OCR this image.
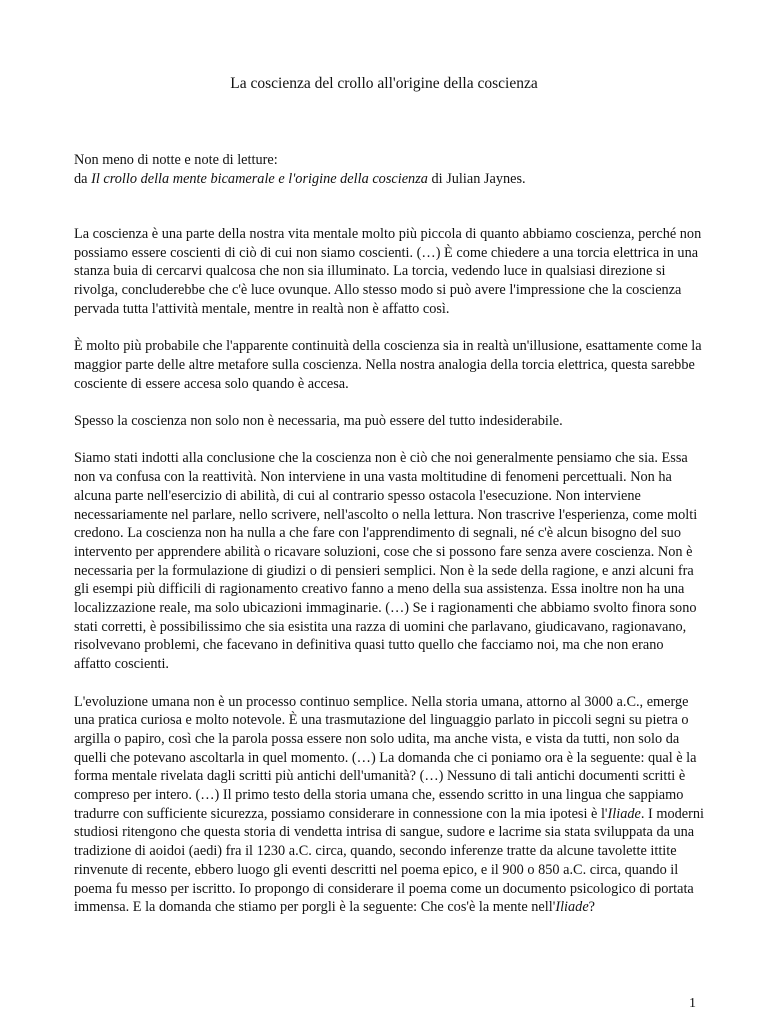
La coscienza del crollo all'origine della coscienza
Non meno di notte e note di letture:
da Il crollo della mente bicamerale e l'origine della coscienza di Julian Jaynes.

La coscienza è una parte della nostra vita mentale molto più piccola di quanto abbiamo coscienza, perché non possiamo essere coscienti di ciò di cui non siamo coscienti. (…) È come chiedere a una torcia elettrica in una stanza buia di cercarvi qualcosa che non sia illuminato. La torcia, vedendo luce in qualsiasi direzione si rivolga, concluderebbe che c'è luce ovunque. Allo stesso modo si può avere l'impressione che la coscienza pervada tutta l'attività mentale, mentre in realtà non è affatto così.

È molto più probabile che l'apparente continuità della coscienza sia in realtà un'illusione, esattamente come la maggior parte delle altre metafore sulla coscienza. Nella nostra analogia della torcia elettrica, questa sarebbe cosciente di essere accesa solo quando è accesa.

Spesso la coscienza non solo non è necessaria, ma può essere del tutto indesiderabile.

Siamo stati indotti alla conclusione che la coscienza non è ciò che noi generalmente pensiamo che sia. Essa non va confusa con la reattività. Non interviene in una vasta moltitudine di fenomeni percettuali. Non ha alcuna parte nell'esercizio di abilità, di cui al contrario spesso ostacola l'esecuzione. Non interviene necessariamente nel parlare, nello scrivere, nell'ascolto o nella lettura. Non trascrive l'esperienza, come molti credono. La coscienza non ha nulla a che fare con l'apprendimento di segnali, né c'è alcun bisogno del suo intervento per apprendere abilità o ricavare soluzioni, cose che si possono fare senza avere coscienza. Non è necessaria per la formulazione di giudizi o di pensieri semplici. Non è la sede della ragione, e anzi alcuni fra gli esempi più difficili di ragionamento creativo fanno a meno della sua assistenza. Essa inoltre non ha una localizzazione reale, ma solo ubicazioni immaginarie. (…) Se i ragionamenti che abbiamo svolto finora sono stati corretti, è possibilissimo che sia esistita una razza di uomini che parlavano, giudicavano, ragionavano, risolvevano problemi, che facevano in definitiva quasi tutto quello che facciamo noi, ma che non erano affatto coscienti.

L'evoluzione umana non è un processo continuo semplice. Nella storia umana, attorno al 3000 a.C., emerge una pratica curiosa e molto notevole. È una trasmutazione del linguaggio parlato in piccoli segni su pietra o argilla o papiro, così che la parola possa essere non solo udita, ma anche vista, e vista da tutti, non solo da quelli che potevano ascoltarla in quel momento. (…) La domanda che ci poniamo ora è la seguente: qual è la forma mentale rivelata dagli scritti più antichi dell'umanità? (…) Nessuno di tali antichi documenti scritti è compreso per intero. (…) Il primo testo della storia umana che, essendo scritto in una lingua che sappiamo tradurre con sufficiente sicurezza, possiamo considerare in connessione con la mia ipotesi è l'Iliade. I moderni studiosi ritengono che questa storia di vendetta intrisa di sangue, sudore e lacrime sia stata sviluppata da una tradizione di aoidoi (aedi) fra il 1230 a.C. circa, quando, secondo inferenze tratte da alcune tavolette ittite rinvenute di recente, ebbero luogo gli eventi descritti nel poema epico, e il 900 o 850 a.C. circa, quando il poema fu messo per iscritto. Io propongo di considerare il poema come un documento psicologico di portata immensa. E la domanda che stiamo per porgli è la seguente: Che cos'è la mente nell'Iliade?

1
